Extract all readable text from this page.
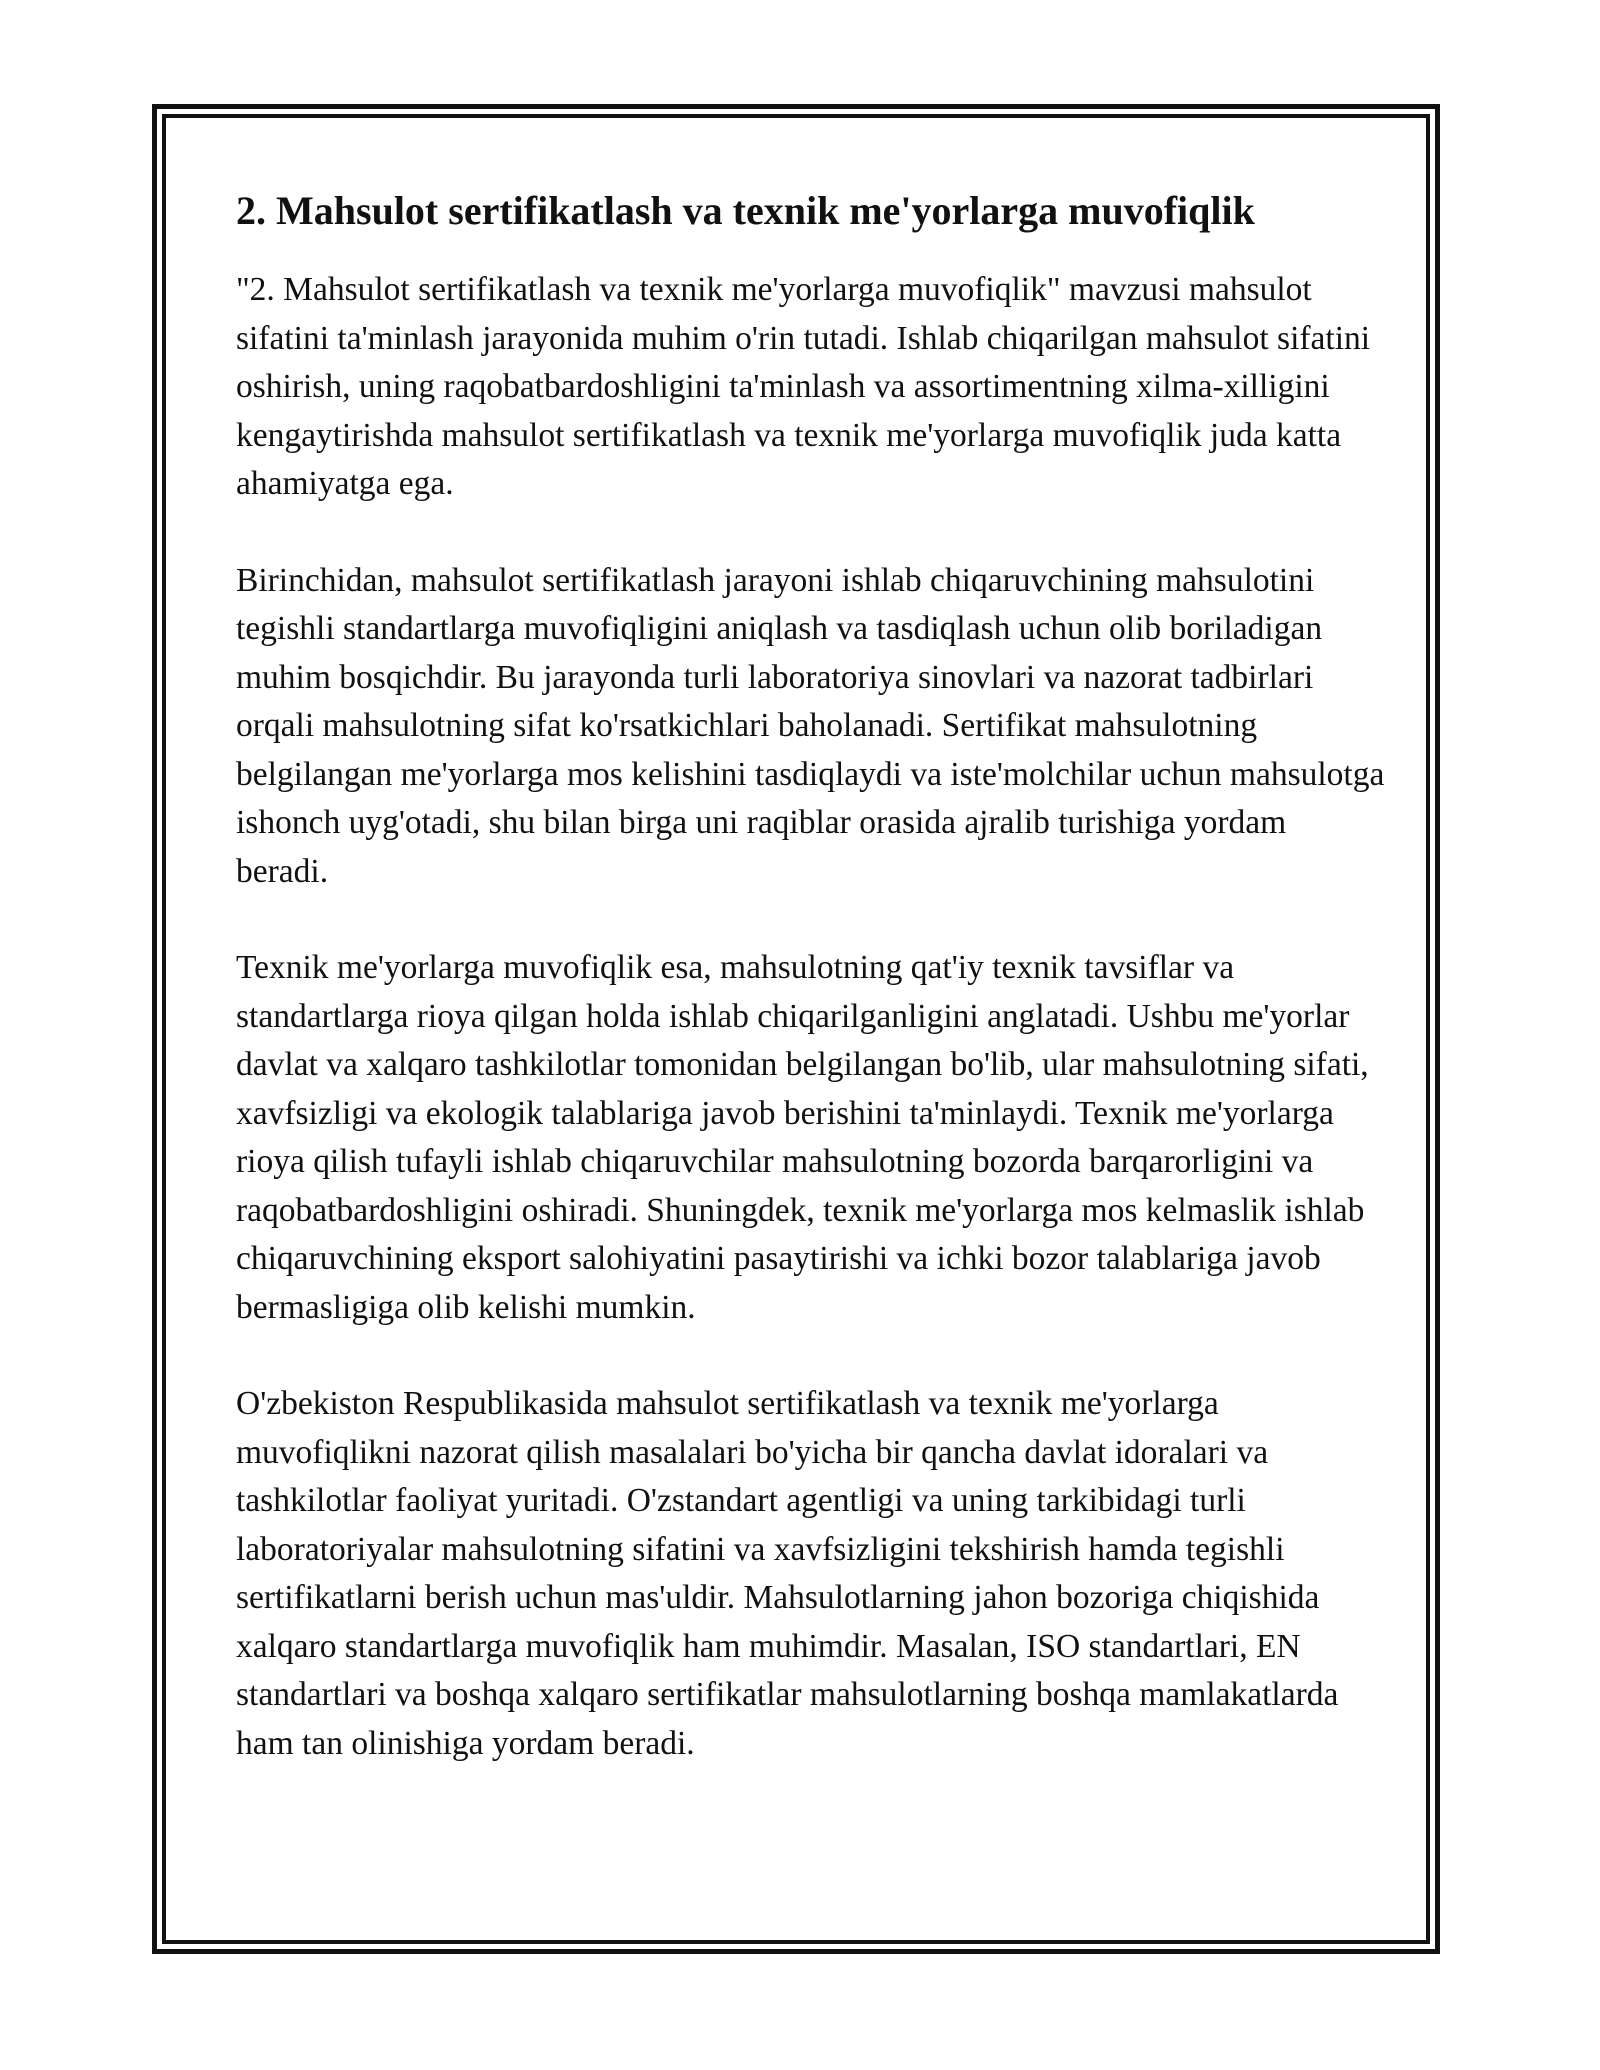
2. Mahsulot sertifikatlash va texnik me'yorlarga muvofiqlik

"2. Mahsulot sertifikatlash va texnik me'yorlarga muvofiqlik" mavzusi mahsulot sifatini ta'minlash jarayonida muhim o'rin tutadi. Ishlab chiqarilgan mahsulot sifatini oshirish, uning raqobatbardoshligini ta'minlash va assortimentning xilma-xilligini kengaytirishda mahsulot sertifikatlash va texnik me'yorlarga muvofiqlik juda katta ahamiyatga ega.

Birinchidan, mahsulot sertifikatlash jarayoni ishlab chiqaruvchining mahsulotini tegishli standartlarga muvofiqligini aniqlash va tasdiqlash uchun olib boriladigan muhim bosqichdir. Bu jarayonda turli laboratoriya sinovlari va nazorat tadbirlari orqali mahsulotning sifat ko'rsatkichlari baholanadi. Sertifikat mahsulotning belgilangan me'yorlarga mos kelishini tasdiqlaydi va iste'molchilar uchun mahsulotga ishonch uyg'otadi, shu bilan birga uni raqiblar orasida ajralib turishiga yordam beradi.

Texnik me'yorlarga muvofiqlik esa, mahsulotning qat'iy texnik tavsiflar va standartlarga rioya qilgan holda ishlab chiqarilganligini anglatadi. Ushbu me'yorlar davlat va xalqaro tashkilotlar tomonidan belgilangan bo'lib, ular mahsulotning sifati, xavfsizligi va ekologik talablariga javob berishini ta'minlaydi. Texnik me'yorlarga rioya qilish tufayli ishlab chiqaruvchilar mahsulotning bozorda barqarorligini va raqobatbardoshligini oshiradi. Shuningdek, texnik me'yorlarga mos kelmaslik ishlab chiqaruvchining eksport salohiyatini pasaytirishi va ichki bozor talablariga javob bermasligiga olib kelishi mumkin.

O'zbekiston Respublikasida mahsulot sertifikatlash va texnik me'yorlarga muvofiqlikni nazorat qilish masalalari bo'yicha bir qancha davlat idoralari va tashkilotlar faoliyat yuritadi. O'zstandart agentligi va uning tarkibidagi turli laboratoriyalar mahsulotning sifatini va xavfsizligini tekshirish hamda tegishli sertifikatlarni berish uchun mas'uldir. Mahsulotlarning jahon bozoriga chiqishida xalqaro standartlarga muvofiqlik ham muhimdir. Masalan, ISO standartlari, EN standartlari va boshqa xalqaro sertifikatlar mahsulotlarning boshqa mamlakatlarda ham tan olinishiga yordam beradi.
